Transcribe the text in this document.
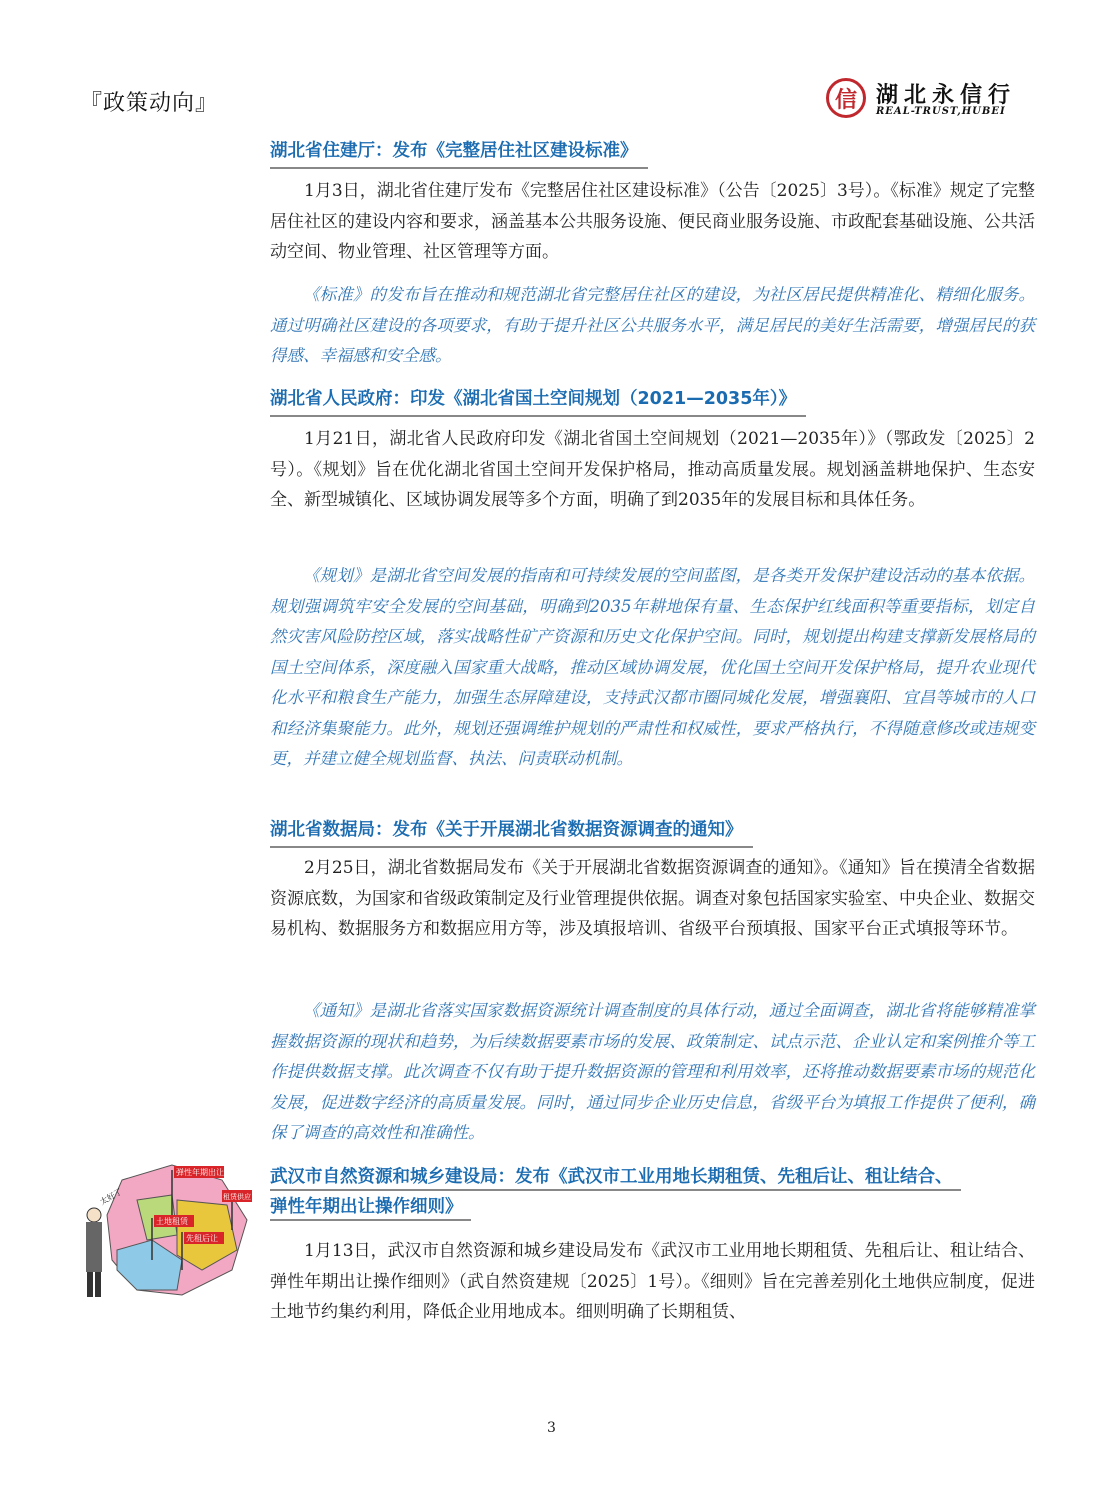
『政策动向』	信 湖北永信行
REAL-TRUST,HUBEI
湖北省住建厅：发布《完整居住社区建设标准》

1月3日，湖北省住建厅发布《完整居住社区建设标准》（公告〔2025〕3号）。《标准》规定了完整居住社区的建设内容和要求，涵盖基本公共服务设施、便民商业服务设施、市政配套基础设施、公共活动空间、物业管理、社区管理等方面。

《标准》的发布旨在推动和规范湖北省完整居住社区的建设，为社区居民提供精准化、精细化服务。通过明确社区建设的各项要求，有助于提升社区公共服务水平，满足居民的美好生活需要，增强居民的获得感、幸福感和安全感。

湖北省人民政府：印发《湖北省国土空间规划（2021—2035年）》

1月21日，湖北省人民政府印发《湖北省国土空间规划（2021—2035年）》（鄂政发〔2025〕2号）。《规划》旨在优化湖北省国土空间开发保护格局，推动高质量发展。规划涵盖耕地保护、生态安全、新型城镇化、区域协调发展等多个方面，明确了到2035年的发展目标和具体任务。

《规划》是湖北省空间发展的指南和可持续发展的空间蓝图，是各类开发保护建设活动的基本依据。规划强调筑牢安全发展的空间基础，明确到2035年耕地保有量、生态保护红线面积等重要指标，划定自然灾害风险防控区域，落实战略性矿产资源和历史文化保护空间。同时，规划提出构建支撑新发展格局的国土空间体系，深度融入国家重大战略，推动区域协调发展，优化国土空间开发保护格局，提升农业现代化水平和粮食生产能力，加强生态屏障建设，支持武汉都市圈同城化发展，增强襄阳、宜昌等城市的人口和经济集聚能力。此外，规划还强调维护规划的严肃性和权威性，要求严格执行，不得随意修改或违规变更，并建立健全规划监督、执法、问责联动机制。

湖北省数据局：发布《关于开展湖北省数据资源调查的通知》

2月25日，湖北省数据局发布《关于开展湖北省数据资源调查的通知》。《通知》旨在摸清全省数据资源底数，为国家和省级政策制定及行业管理提供依据。调查对象包括国家实验室、中央企业、数据交易机构、数据服务方和数据应用方等，涉及填报培训、省级平台预填报、国家平台正式填报等环节。

《通知》是湖北省落实国家数据资源统计调查制度的具体行动，通过全面调查，湖北省将能够精准掌握数据资源的现状和趋势，为后续数据要素市场的发展、政策制定、试点示范、企业认定和案例推介等工作提供数据支撑。此次调查不仅有助于提升数据资源的管理和利用效率，还将推动数据要素市场的规范化发展，促进数字经济的高质量发展。同时，通过同步企业历史信息，省级平台为填报工作提供了便利，确保了调查的高效性和准确性。

武汉市自然资源和城乡建设局：发布《武汉市工业用地长期租赁、先租后让、租让结合、
弹性年期出让操作细则》

1月13日，武汉市自然资源和城乡建设局发布《武汉市工业用地长期租赁、先租后让、租让结合、弹性年期出让操作细则》（武自然资建规〔2025〕1号）。《细则》旨在完善差别化土地供应制度，促进土地节约集约利用，降低企业用地成本。细则明确了长期租赁、

弹性年期出让
租赁供应
土地租赁
先租后让
太好了
3
